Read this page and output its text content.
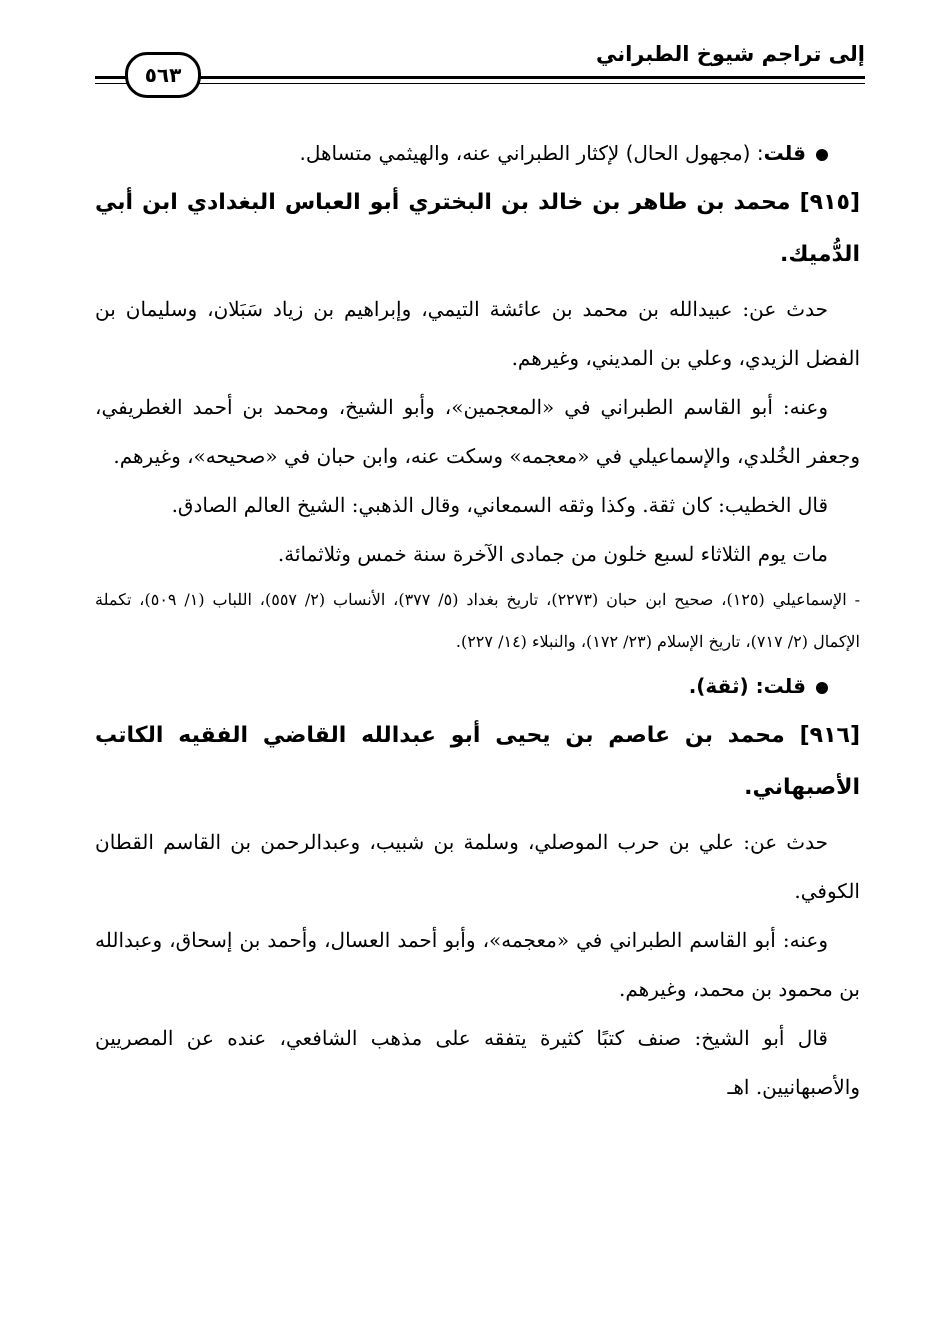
إلى تراجم شيوخ الطبراني
٥٦٣

قلت: (مجهول الحال) لإكثار الطبراني عنه، والهيثمي متساهل.

[٩١٥] محمد بن طاهر بن خالد بن البختري أبو العباس البغدادي ابن أبي الدُّميك.

حدث عن: عبيدالله بن محمد بن عائشة التيمي، وإبراهيم بن زياد سَبَلان، وسليمان بن الفضل الزيدي، وعلي بن المديني، وغيرهم.

وعنه: أبو القاسم الطبراني في «المعجمين»، وأبو الشيخ، ومحمد بن أحمد الغطريفي، وجعفر الخُلدي، والإسماعيلي في «معجمه» وسكت عنه، وابن حبان في «صحيحه»، وغيرهم.

قال الخطيب: كان ثقة. وكذا وثقه السمعاني، وقال الذهبي: الشيخ العالم الصادق.

مات يوم الثلاثاء لسبع خلون من جمادى الآخرة سنة خمس وثلاثمائة.

- الإسماعيلي (١٢٥)، صحيح ابن حبان (٢٢٧٣)، تاريخ بغداد (٥/ ٣٧٧)، الأنساب (٢/ ٥٥٧)، اللباب (١/ ٥٠٩)، تكملة الإكمال (٢/ ٧١٧)، تاريخ الإسلام (٢٣/ ١٧٢)، والنبلاء (١٤/ ٢٢٧).

قلت: (ثقة).

[٩١٦] محمد بن عاصم بن يحيى أبو عبدالله القاضي الفقيه الكاتب الأصبهاني.

حدث عن: علي بن حرب الموصلي، وسلمة بن شبيب، وعبدالرحمن بن القاسم القطان الكوفي.

وعنه: أبو القاسم الطبراني في «معجمه»، وأبو أحمد العسال، وأحمد بن إسحاق، وعبدالله بن محمود بن محمد، وغيرهم.

قال أبو الشيخ: صنف كتبًا كثيرة يتفقه على مذهب الشافعي، عنده عن المصريين والأصبهانيين. اهـ
